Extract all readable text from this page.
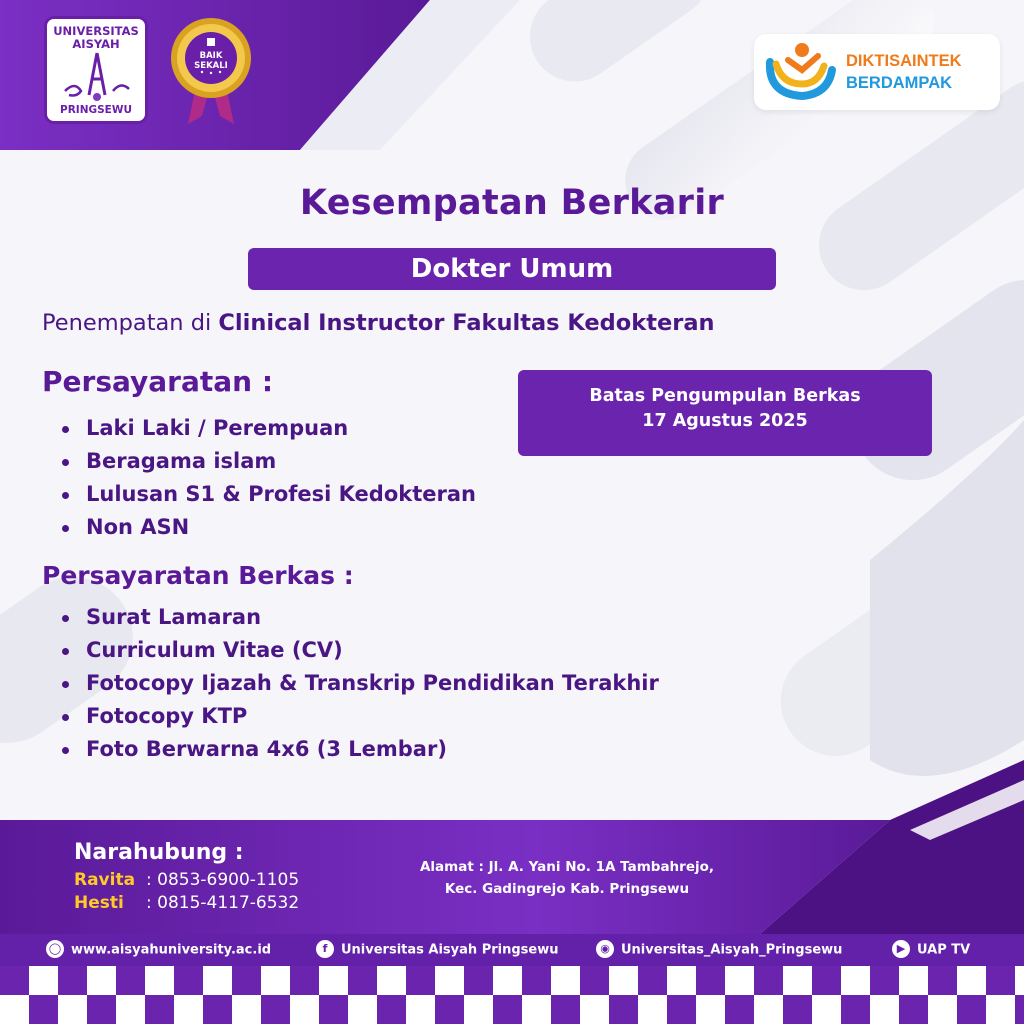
UNIVERSITAS
AISYAH
PRINGSEWU
BAIK
SEKALI	DIKTISAINTEK
BERDAMPAK
Kesempatan Berkarir
Dokter Umum
Penempatan di Clinical Instructor Fakultas Kedokteran
Persayaratan :
Laki Laki / Perempuan
Beragama islam
Lulusan S1 & Profesi Kedokteran
Non ASN
Batas Pengumpulan Berkas
17 Agustus 2025
Persayaratan Berkas :
Surat Lamaran
Curriculum Vitae (CV)
Fotocopy Ijazah & Transkrip Pendidikan Terakhir
Fotocopy KTP
Foto Berwarna 4x6 (3 Lembar)
Narahubung :
Ravita : 0853-6900-1105
Hesti : 0815-4117-6532
Alamat : Jl. A. Yani No. 1A Tambahrejo,
Kec. Gadingrejo Kab. Pringsewu
◯ www.aisyahuniversity.ac.id	f Universitas Aisyah Pringsewu	◉ Universitas_Aisyah_Pringsewu	▶ UAP TV
